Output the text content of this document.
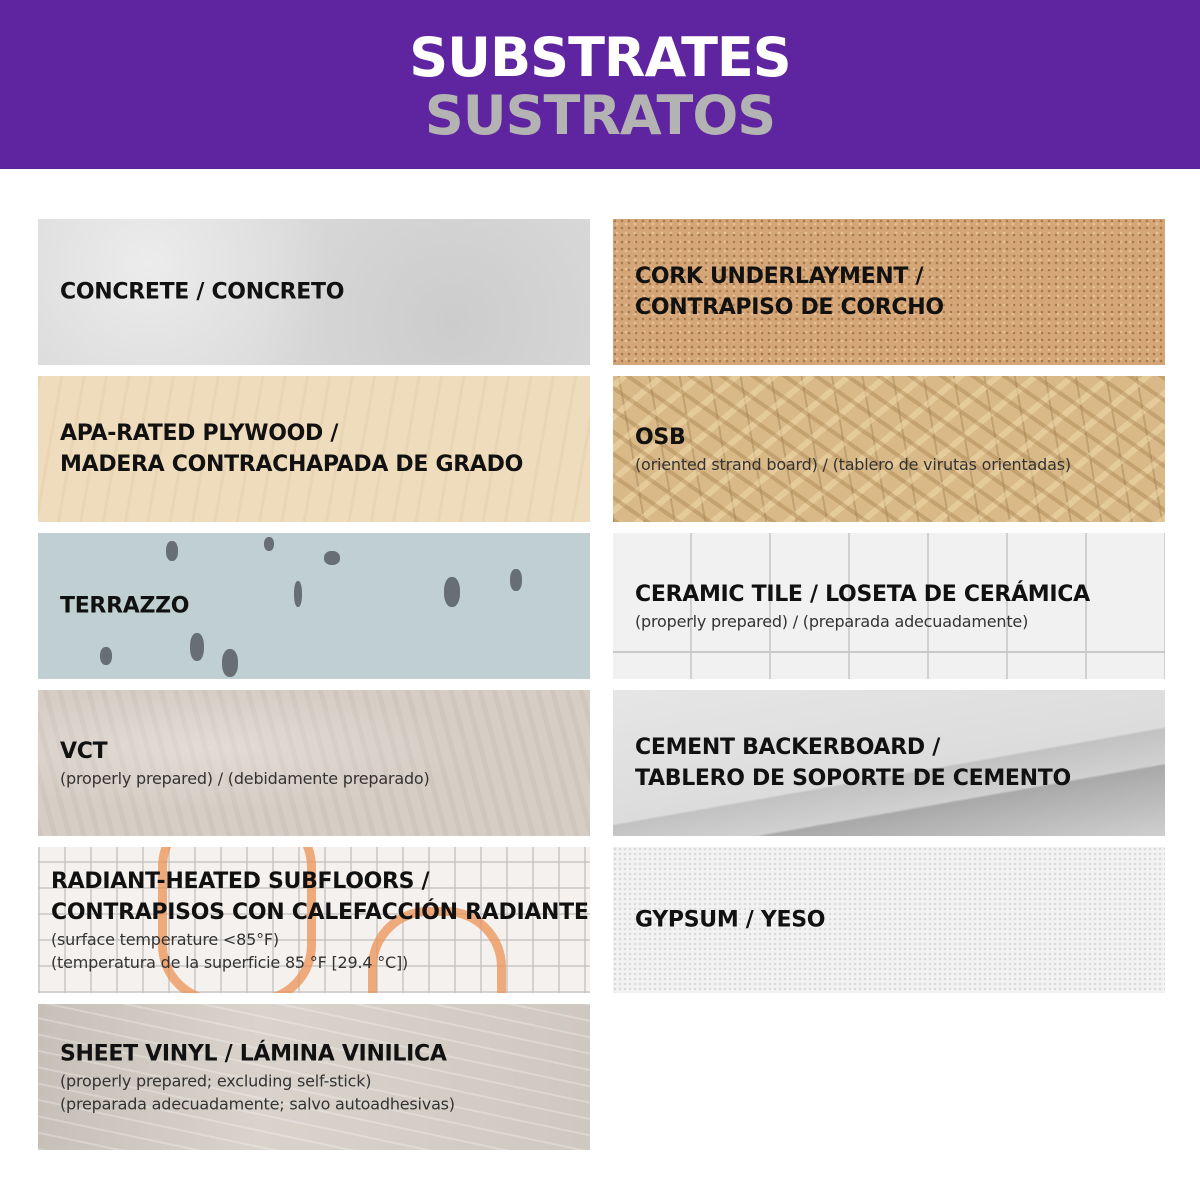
SUBSTRATES
SUSTRATOS
CONCRETE / CONCRETO
CORK UNDERLAYMENT /
CONTRAPISO DE CORCHO
APA-RATED PLYWOOD /
MADERA CONTRACHAPADA DE GRADO
OSB
(oriented strand board) / (tablero de virutas orientadas)
TERRAZZO	CERAMIC TILE / LOSETA DE CERÁMICA
(properly prepared) / (preparada adecuadamente)
VCT
(properly prepared) / (debidamente preparado)
CEMENT BACKERBOARD /
TABLERO DE SOPORTE DE CEMENTO
RADIANT-HEATED SUBFLOORS /
CONTRAPISOS CON CALEFACCIÓN RADIANTE
(surface temperature <85°F)
(temperatura de la superficie 85 °F [29.4 °C])
GYPSUM / YESO
SHEET VINYL / LÁMINA VINILICA
(properly prepared; excluding self-stick)
(preparada adecuadamente; salvo autoadhesivas)
